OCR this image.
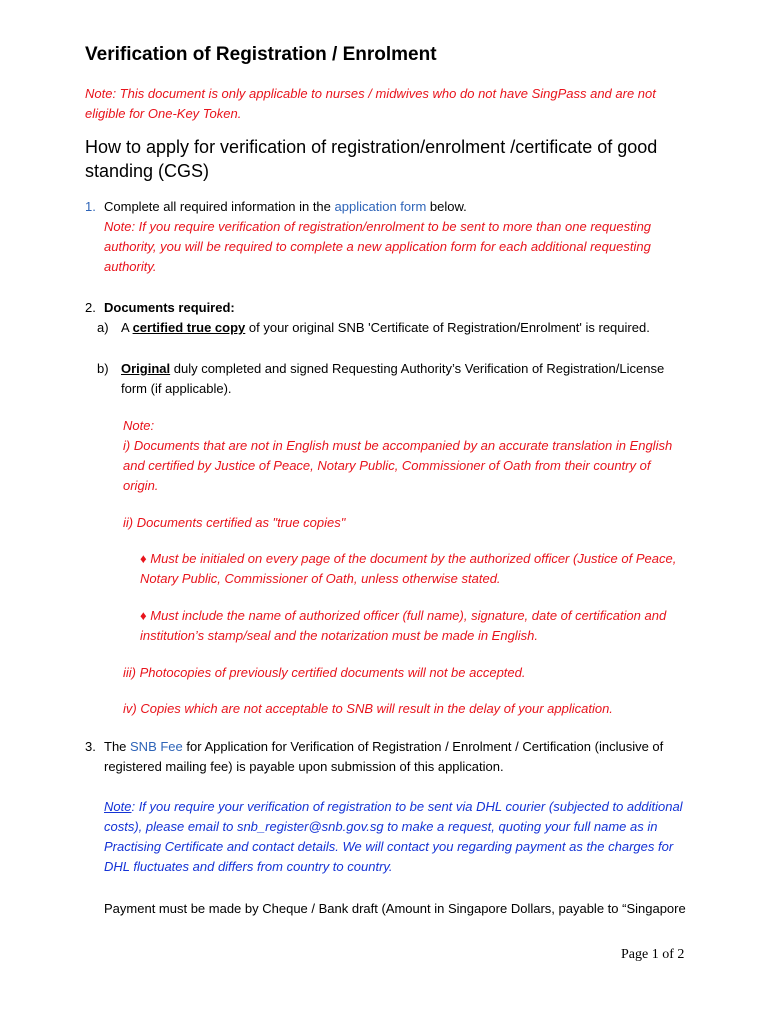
Verification of Registration / Enrolment
Note: This document is only applicable to nurses / midwives who do not have SingPass and are not
eligible for One-Key Token.
How to apply for verification of registration/enrolment /certificate of good
standing (CGS)
1. Complete all required information in the application form below.
Note: If you require verification of registration/enrolment to be sent to more than one requesting
authority, you will be required to complete a new application form for each additional requesting
authority.
2. Documents required:
a) A certified true copy of your original SNB 'Certificate of Registration/Enrolment' is required.
b) Original duly completed and signed Requesting Authority’s Verification of Registration/License
form (if applicable).
Note:
i) Documents that are not in English must be accompanied by an accurate translation in English
and certified by Justice of Peace, Notary Public, Commissioner of Oath from their country of
origin.
ii) Documents certified as "true copies"
♦ Must be initialed on every page of the document by the authorized officer (Justice of Peace,
Notary Public, Commissioner of Oath, unless otherwise stated.
♦ Must include the name of authorized officer (full name), signature, date of certification and
institution’s stamp/seal and the notarization must be made in English.
iii) Photocopies of previously certified documents will not be accepted.
iv) Copies which are not acceptable to SNB will result in the delay of your application.
3. The SNB Fee for Application for Verification of Registration / Enrolment / Certification (inclusive of
registered mailing fee) is payable upon submission of this application.
Note: If you require your verification of registration to be sent via DHL courier (subjected to additional
costs), please email to snb_register@snb.gov.sg to make a request, quoting your full name as in
Practising Certificate and contact details. We will contact you regarding payment as the charges for
DHL fluctuates and differs from country to country.
Payment must be made by Cheque / Bank draft (Amount in Singapore Dollars, payable to “Singapore
Page 1 of 2
